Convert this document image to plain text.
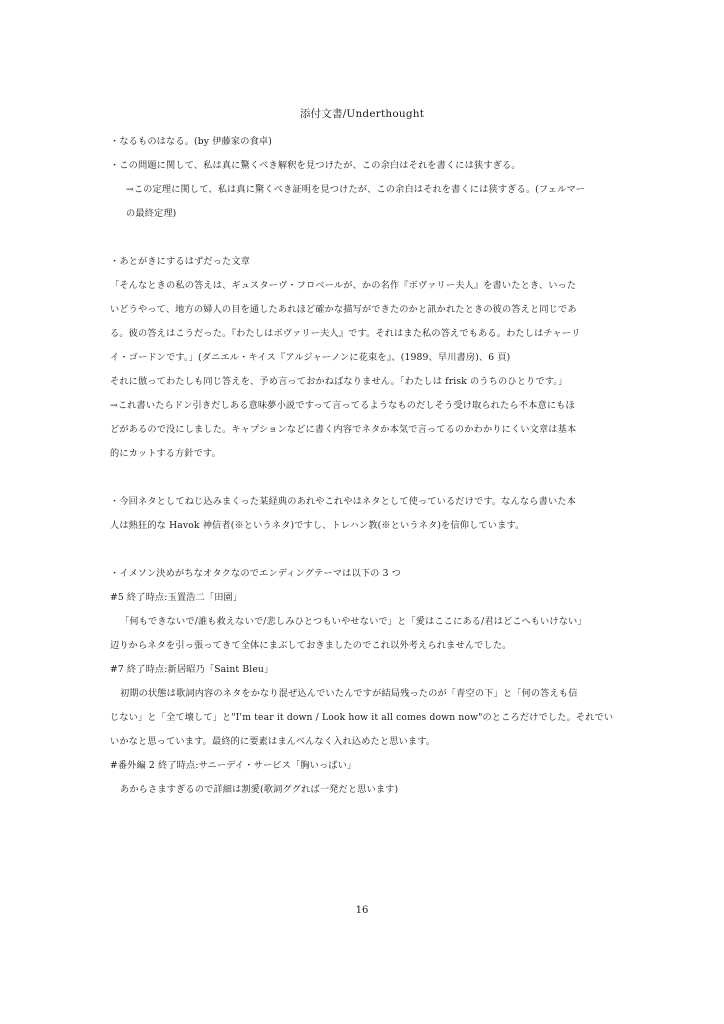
添付文書/Underthought
・なるものはなる。(by 伊藤家の食卓)
・この問題に関して、私は真に驚くべき解釈を見つけたが、この余白はそれを書くには狭すぎる。
→この定理に関して、私は真に驚くべき証明を見つけたが、この余白はそれを書くには狭すぎる。(フェルマー
の最終定理)
・あとがきにするはずだった文章
「そんなときの私の答えは、ギュスターヴ・フロベールが、かの名作『ボヴァリー夫人』を書いたとき、いった
いどうやって、地方の婦人の目を通したあれほど確かな描写ができたのかと訊かれたときの彼の答えと同じであ
る。彼の答えはこうだった。『わたしはボヴァリー夫人』です。それはまた私の答えでもある。わたしはチャーリ
イ・ゴードンです。」(ダニエル・キイス『アルジャーノンに花束を』、(1989、早川書房)、6 頁)
それに倣ってわたしも同じ答えを、予め言っておかねばなりません。「わたしは frisk のうちのひとりです。」
→これ書いたらドン引きだしある意味夢小説ですって言ってるようなものだしそう受け取られたら不本意にもほ
どがあるので没にしました。キャプションなどに書く内容でネタか本気で言ってるのかわかりにくい文章は基本
的にカットする方針です。
・今回ネタとしてねじ込みまくった某経典のあれやこれやはネタとして使っているだけです。なんなら書いた本
人は熱狂的な Havok 神信者(※というネタ)ですし、トレハン教(※というネタ)を信仰しています。
・イメソン決めがちなオタクなのでエンディングテーマは以下の 3 つ
#5 終了時点:玉置浩二「田園」
「何もできないで/誰も救えないで/悲しみひとつもいやせないで」と「愛はここにある/君はどこへもいけない」
辺りからネタを引っ張ってきて全体にまぶしておきましたのでこれ以外考えられませんでした。
#7 終了時点:新居昭乃「Saint Bleu」
初期の状態は歌詞内容のネタをかなり混ぜ込んでいたんですが結局残ったのが「青空の下」と「何の答えも信
じない」と「全て壊して」と"I'm tear it down / Look how it all comes down now"のところだけでした。それでい
いかなと思っています。最終的に要素はまんべんなく入れ込めたと思います。
#番外編 2 終了時点:サニーデイ・サービス「胸いっぱい」
あからさますぎるので詳細は割愛(歌詞ググれば一発だと思います)
16
